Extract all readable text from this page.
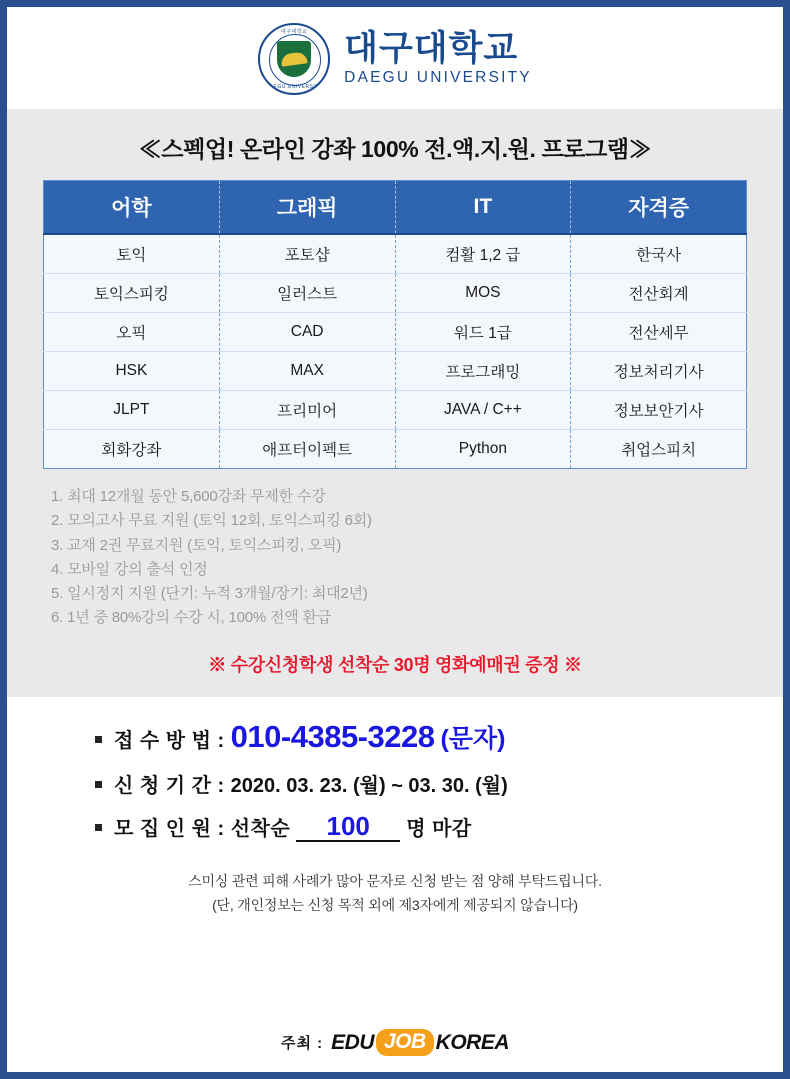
대구대학교
DAEGU UNIVERSITY
대구대학교
DAEGU UNIVERSITY
≪스펙업! 온라인 강좌 100% 전.액.지.원. 프로그램≫
어학	그래픽	IT	자격증
토익	포토샵	컴활 1,2 급	한국사
토익스피킹	일러스트	MOS	전산회계
오픽	CAD	워드 1급	전산세무
HSK	MAX	프로그래밍	정보처리기사
JLPT	프리미어	JAVA / C++	정보보안기사
회화강좌	애프터이펙트	Python	취업스피치
1. 최대 12개월 동안 5,600강좌 무제한 수강
2. 모의고사 무료 지원 (토익 12회, 토익스피킹 6회)
3. 교재 2권 무료지원 (토익, 토익스피킹, 오픽)
4. 모바일 강의 출석 인정
5. 일시정지 지원 (단기: 누적 3개월/장기: 최대2년)
6. 1년 중 80%강의 수강 시, 100% 전액 환급
※ 수강신청학생 선착순 30명 영화예매권 증정 ※
접 수 방 법 : 010-4385-3228 (문자)
신 청 기 간 : 2020. 03. 23. (월) ~ 03. 30. (월)
모 집 인 원 : 선착순	100	명 마감
스미싱 관련 피해 사례가 많아 문자로 신청 받는 점 양해 부탁드립니다.
(단, 개인정보는 신청 목적 외에 제3자에게 제공되지 않습니다)
주최 : EDU JOB KOREA
